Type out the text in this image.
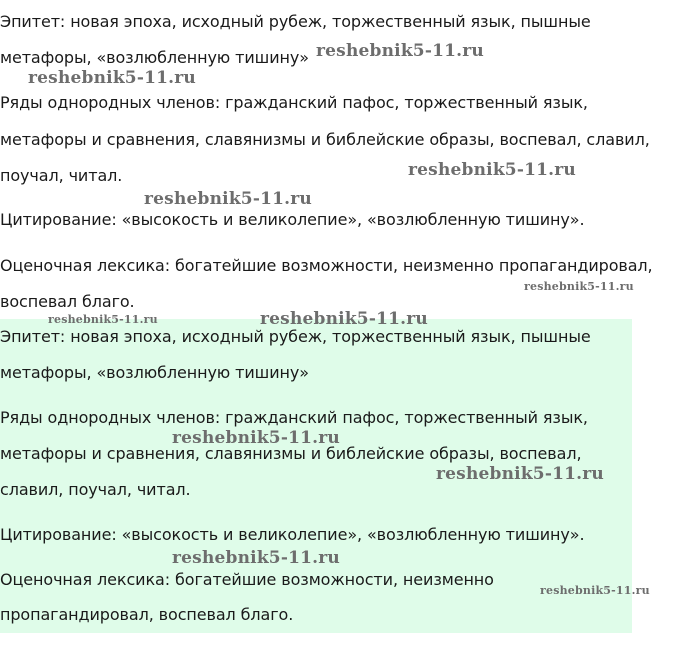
Эпитет: новая эпоха, исходный рубеж, торжественный язык, пышные
метафоры, «возлюбленную тишину»
Ряды однородных членов: гражданский пафос, торжественный язык,
метафоры и сравнения, славянизмы и библейские образы, воспевал, славил,
поучал, читал.
Цитирование: «высокость и великолепие», «возлюбленную тишину».
Оценочная лексика: богатейшие возможности, неизменно пропагандировал,
воспевал благо.
Эпитет: новая эпоха, исходный рубеж, торжественный язык, пышные
метафоры, «возлюбленную тишину»
Ряды однородных членов: гражданский пафос, торжественный язык,
метафоры и сравнения, славянизмы и библейские образы, воспевал,
славил, поучал, читал.
Цитирование: «высокость и великолепие», «возлюбленную тишину».
Оценочная лексика: богатейшие возможности, неизменно
пропагандировал, воспевал благо.
reshebnik5-11.ru
reshebnik5-11.ru
reshebnik5-11.ru
reshebnik5-11.ru
reshebnik5-11.ru
reshebnik5-11.ru	reshebnik5-11.ru
reshebnik5-11.ru
reshebnik5-11.ru
reshebnik5-11.ru
reshebnik5-11.ru
